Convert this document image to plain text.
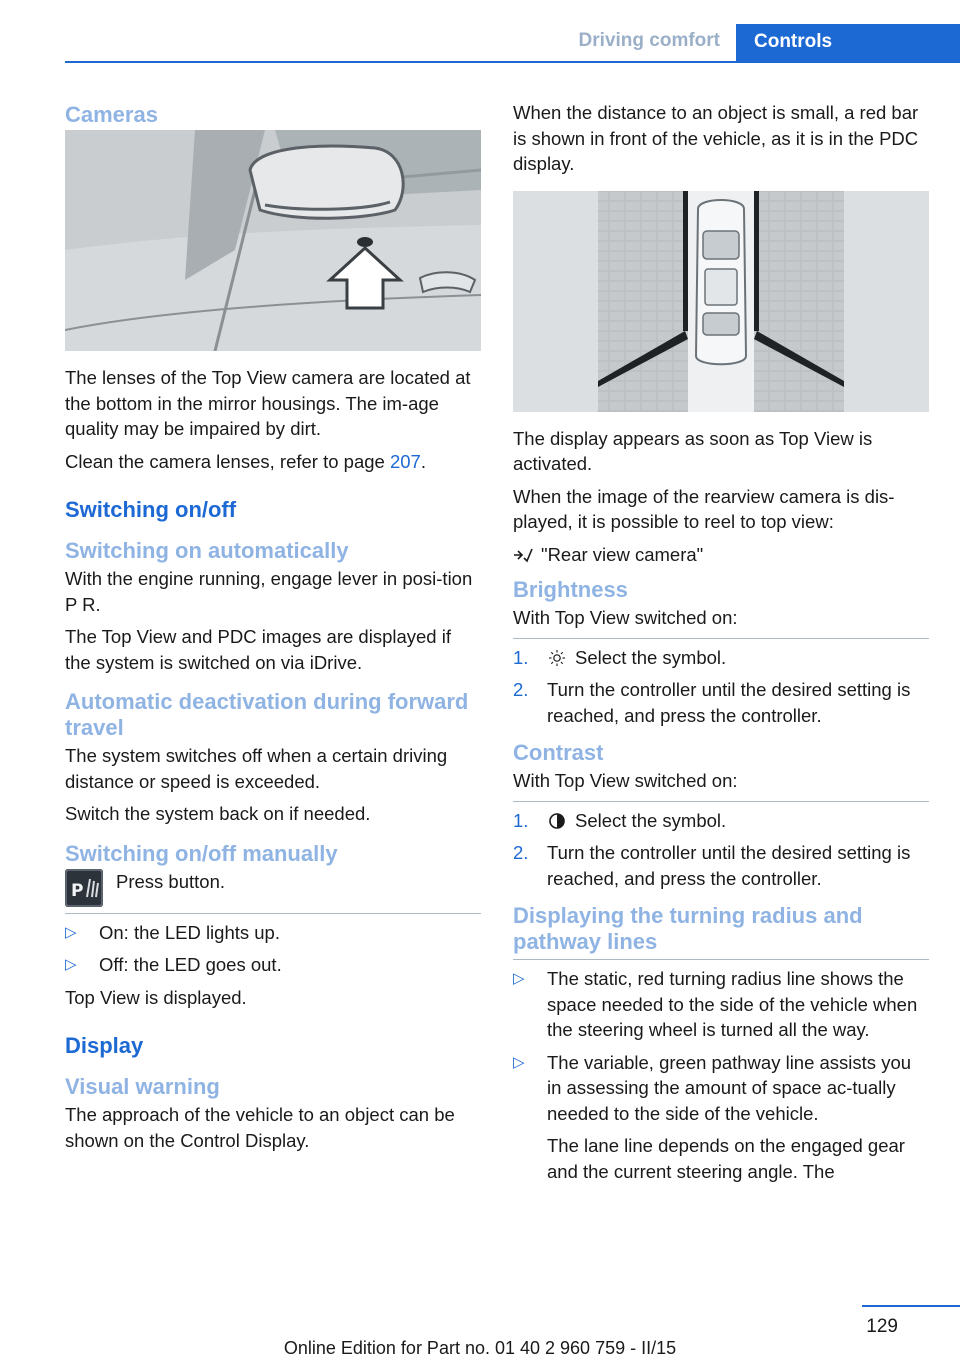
Driving comfort	Controls
Cameras

The lenses of the Top View camera are located at the bottom in the mirror housings. The im‐age quality may be impaired by dirt.

Clean the camera lenses, refer to page 207.

Switching on/off
Switching on automatically

With the engine running, engage lever in posi‐tion P R.

The Top View and PDC images are displayed if the system is switched on via iDrive.

Automatic deactivation during forward travel

The system switches off when a certain driving distance or speed is exceeded.

Switch the system back on if needed.

Switching on/off manually
P Press button.
▷ On: the LED lights up.
▷ Off: the LED goes out.

Top View is displayed.

Display
Visual warning

The approach of the vehicle to an object can be shown on the Control Display.

When the distance to an object is small, a red bar is shown in front of the vehicle, as it is in the PDC display.

The display appears as soon as Top View is activated.

When the image of the rearview camera is dis‐played, it is possible to reel to top view:

"Rear view camera"

Brightness

With Top View switched on:

1.	Select the symbol.
2. Turn the controller until the desired setting is reached, and press the controller.
Contrast

With Top View switched on:

1.	Select the symbol.
2. Turn the controller until the desired setting is reached, and press the controller.
Displaying the turning radius and pathway lines
▷ The static, red turning radius line shows the space needed to the side of the vehicle when the steering wheel is turned all the way.
▷ The variable, green pathway line assists you in assessing the amount of space ac‐tually needed to the side of the vehicle.

The lane line depends on the engaged gear and the current steering angle. The

129
Online Edition for Part no. 01 40 2 960 759 - II/15
